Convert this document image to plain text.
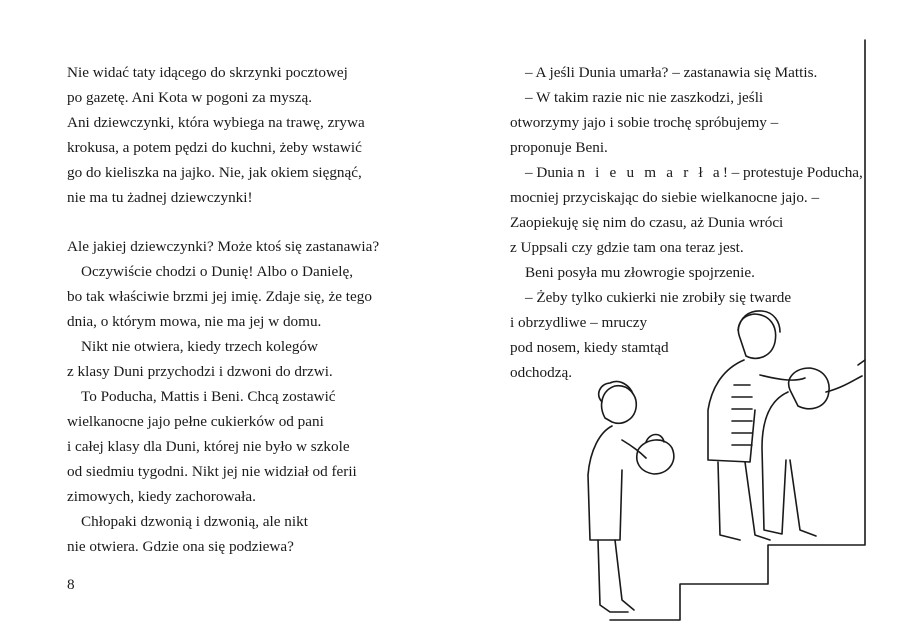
Nie widać taty idącego do skrzynki pocztowej
po gazetę. Ani Kota w pogoni za myszą.
Ani dziewczynki, która wybiega na trawę, zrywa
krokusa, a potem pędzi do kuchni, żeby wstawić
go do kieliszka na jajko. Nie, jak okiem sięgnąć,
nie ma tu żadnej dziewczynki!
Ale jakiej dziewczynki? Może ktoś się zastanawia?
Oczywiście chodzi o Dunię! Albo o Danielę,
bo tak właściwie brzmi jej imię. Zdaje się, że tego
dnia, o którym mowa, nie ma jej w domu.
Nikt nie otwiera, kiedy trzech kolegów
z klasy Duni przychodzi i dzwoni do drzwi.
To Poducha, Mattis i Beni. Chcą zostawić
wielkanocne jajo pełne cukierków od pani
i całej klasy dla Duni, której nie było w szkole
od siedmiu tygodni. Nikt jej nie widział od ferii
zimowych, kiedy zachorowała.
Chłopaki dzwonią i dzwonią, ale nikt
nie otwiera. Gdzie ona się podziewa?
8
– A jeśli Dunia umarła? – zastanawia się Mattis.
– W takim razie nic nie zaszkodzi, jeśli
otworzymy jajo i sobie trochę spróbujemy –
proponuje Beni.
– Dunia n i e u m a r ł a! – protestuje Poducha,
mocniej przyciskając do siebie wielkanocne jajo. –
Zaopiekuję się nim do czasu, aż Dunia wróci
z Uppsali czy gdzie tam ona teraz jest.
Beni posyła mu złowrogie spojrzenie.
– Żeby tylko cukierki nie zrobiły się twarde
i obrzydliwe – mruczy
pod nosem, kiedy stamtąd
odchodzą.
